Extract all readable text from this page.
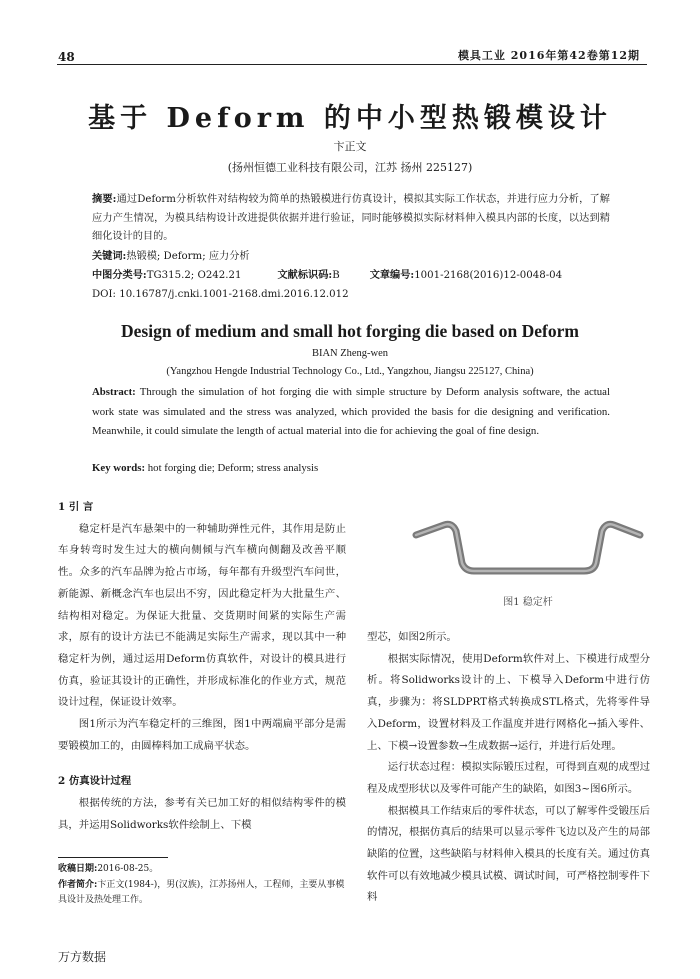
48	模具工业 2016年第42卷第12期
基于 Deform 的中小型热锻模设计
卞正文
(扬州恒德工业科技有限公司，江苏 扬州 225127)
摘要:通过Deform分析软件对结构较为简单的热锻模进行仿真设计，模拟其实际工作状态，并进行应力分析，了解应力产生情况，为模具结构设计改进提供依据并进行验证，同时能够模拟实际材料伸入模具内部的长度，以达到精细化设计的目的。
关键词:热锻模; Deform; 应力分析
中图分类号:TG315.2; O242.21	文献标识码:B	文章编号:1001-2168(2016)12-0048-04
DOI: 10.16787/j.cnki.1001-2168.dmi.2016.12.012
Design of medium and small hot forging die based on Deform
BIAN Zheng-wen
(Yangzhou Hengde Industrial Technology Co., Ltd., Yangzhou, Jiangsu 225127, China)
Abstract: Through the simulation of hot forging die with simple structure by Deform analysis software, the actual work state was simulated and the stress was analyzed, which provided the basis for die designing and verification. Meanwhile, it could simulate the length of actual material into die for achieving the goal of fine design.
Key words: hot forging die; Deform; stress analysis

1 引 言

稳定杆是汽车悬架中的一种辅助弹性元件，其作用是防止车身转弯时发生过大的横向侧倾与汽车横向侧翻及改善平顺性。众多的汽车品牌为抢占市场，每年都有升级型汽车问世，新能源、新概念汽车也层出不穷，因此稳定杆为大批量生产、结构相对稳定。为保证大批量、交货期时间紧的实际生产需求，原有的设计方法已不能满足实际生产需求，现以其中一种稳定杆为例，通过运用Deform仿真软件，对设计的模具进行仿真，验证其设计的正确性，并形成标准化的作业方式，规范设计过程，保证设计效率。

图1所示为汽车稳定杆的三维图，图1中两端扁平部分是需要锻模加工的，由圆棒料加工成扁平状态。

2 仿真设计过程

根据传统的方法，参考有关已加工好的相似结构零件的模具，并运用Solidworks软件绘制上、下模

图1 稳定杆

型芯，如图2所示。

根据实际情况，使用Deform软件对上、下模进行成型分析。将Solidworks设计的上、下模导入Deform中进行仿真，步骤为：将SLDPRT格式转换成STL格式，先将零件导入Deform，设置材料及工作温度并进行网格化→插入零件、上、下模→设置参数→生成数据→运行，并进行后处理。

运行状态过程：模拟实际锻压过程，可得到直观的成型过程及成型形状以及零件可能产生的缺陷，如图3~图6所示。

根据模具工作结束后的零件状态，可以了解零件受锻压后的情况，根据仿真后的结果可以显示零件飞边以及产生的局部缺陷的位置，这些缺陷与材料伸入模具的长度有关。通过仿真软件可以有效地减少模具试模、调试时间，可严格控制零件下料

收稿日期:2016-08-25。
作者简介:卞正文(1984-)，男(汉族)，江苏扬州人，工程师，主要从事模具设计及热处理工作。
万方数据
